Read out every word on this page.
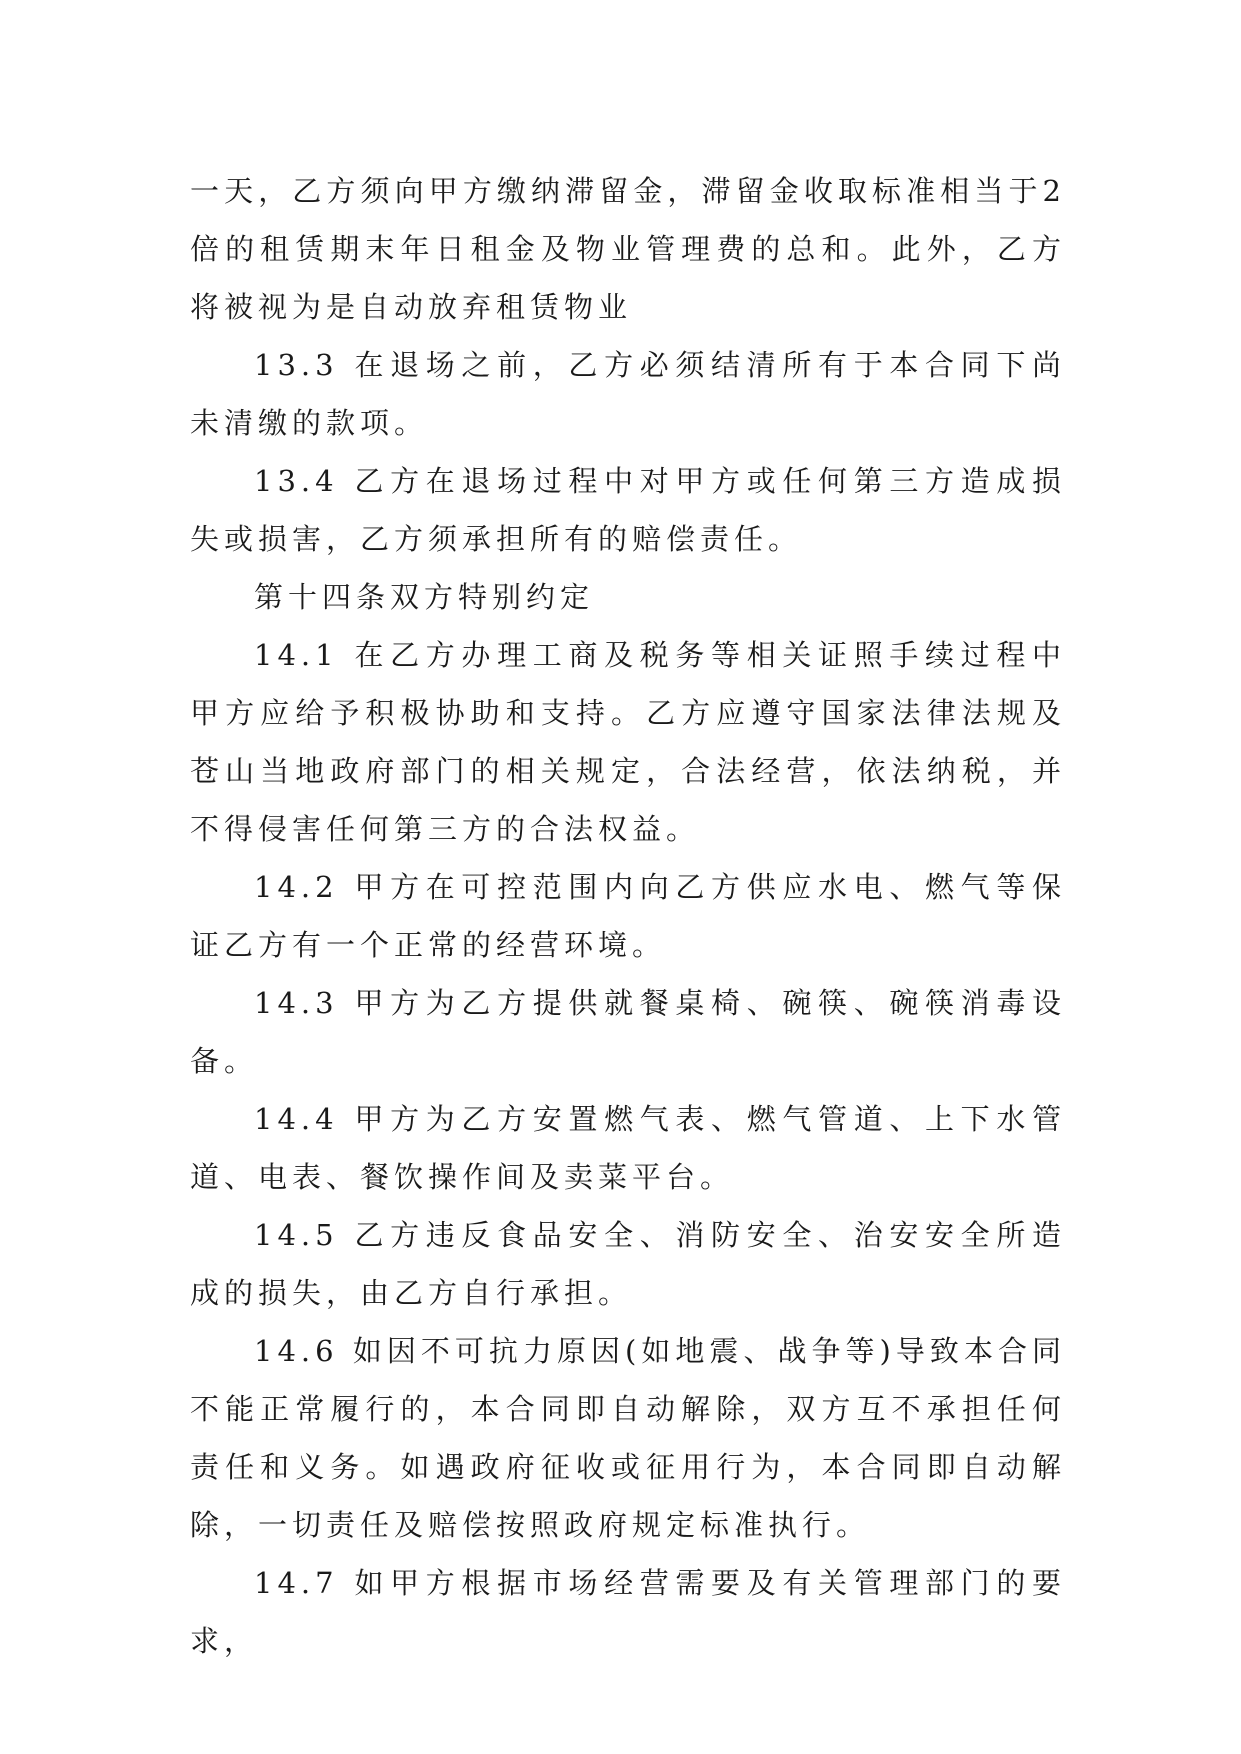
一天，乙方须向甲方缴纳滞留金，滞留金收取标准相当于2倍的租赁期末年日租金及物业管理费的总和。此外，乙方将被视为是自动放弃租赁物业

13.3 在退场之前，乙方必须结清所有于本合同下尚未清缴的款项。

13.4 乙方在退场过程中对甲方或任何第三方造成损失或损害，乙方须承担所有的赔偿责任。

第十四条双方特别约定

14.1 在乙方办理工商及税务等相关证照手续过程中甲方应给予积极协助和支持。乙方应遵守国家法律法规及苍山当地政府部门的相关规定，合法经营，依法纳税，并不得侵害任何第三方的合法权益。

14.2 甲方在可控范围内向乙方供应水电、燃气等保证乙方有一个正常的经营环境。

14.3 甲方为乙方提供就餐桌椅、碗筷、碗筷消毒设备。

14.4 甲方为乙方安置燃气表、燃气管道、上下水管道、电表、餐饮操作间及卖菜平台。

14.5 乙方违反食品安全、消防安全、治安安全所造成的损失，由乙方自行承担。

14.6 如因不可抗力原因(如地震、战争等)导致本合同不能正常履行的，本合同即自动解除，双方互不承担任何责任和义务。如遇政府征收或征用行为，本合同即自动解除，一切责任及赔偿按照政府规定标准执行。

14.7 如甲方根据市场经营需要及有关管理部门的要求，
